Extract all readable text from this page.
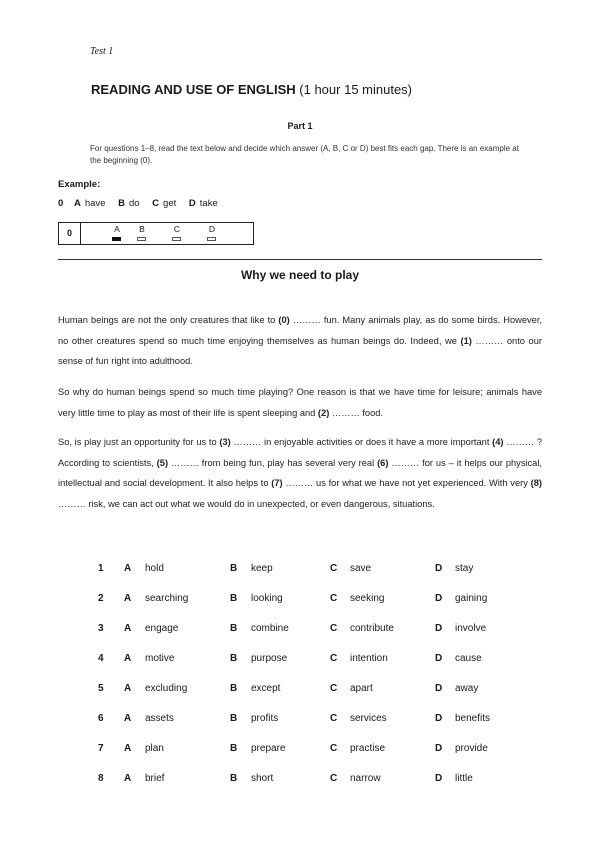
Test 1
READING AND USE OF ENGLISH (1 hour 15 minutes)
Part 1
For questions 1–8, read the text below and decide which answer (A, B, C or D) best fits each gap. There is an example at the beginning (0).
Example:
0 A have B do C get D take
0	A	B	C	D
Why we need to play
Human beings are not the only creatures that like to (0) ……… fun. Many animals play, as do some birds. However, no other creatures spend so much time enjoying themselves as human beings do. Indeed, we (1) ……… onto our sense of fun right into adulthood.
So why do human beings spend so much time playing? One reason is that we have time for leisure; animals have very little time to play as most of their life is spent sleeping and (2) ……… food.
So, is play just an opportunity for us to (3) ……… in enjoyable activities or does it have a more important (4) ……… ? According to scientists, (5) ……… from being fun, play has several very real (6) ……… for us – it helps our physical, intellectual and social development. It also helps to (7) ……… us for what we have not yet experienced. With very (8) ……… risk, we can act out what we would do in unexpected, or even dangerous, situations.
1 A hold	B keep	C save	D stay
2 A searching	B looking	C seeking	D gaining
3 A engage	B combine	C contribute	D involve
4 A motive	B purpose	C intention	D cause
5 A excluding	B except	C apart	D away
6 A assets	B profits	C services	D benefits
7 A plan	B prepare	C practise	D provide
8 A brief	B short	C narrow	D little
